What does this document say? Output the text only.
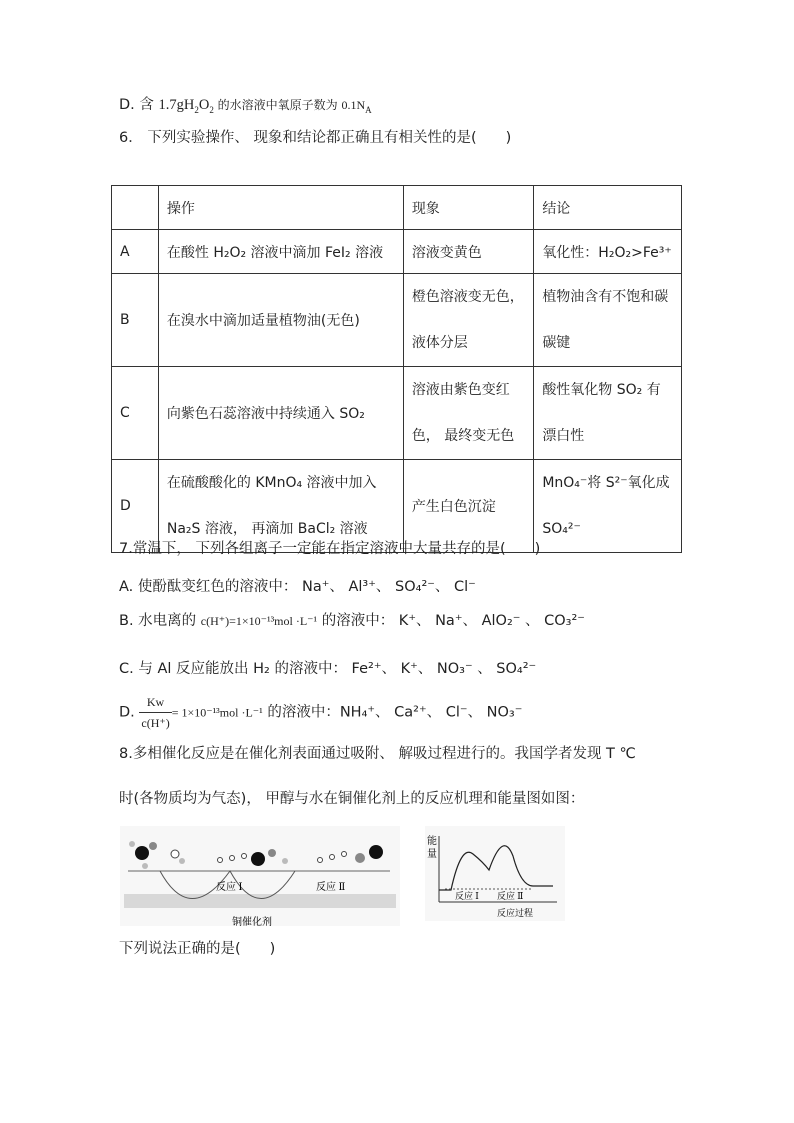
D. 含 $1.7gH_2O_2$ 的水溶液中氧原子数为 $0.1N_A$
6． 下列实验操作、 现象和结论都正确且有相关性的是(　　)
	操作	现象	结论
A	在酸性 H₂O₂ 溶液中滴加 FeI₂ 溶液	溶液变黄色	氧化性：H₂O₂>Fe³⁺
B	在溴水中滴加适量植物油(无色)	橙色溶液变无色， 液体分层	植物油含有不饱和碳碳键
C	向紫色石蕊溶液中持续通入 SO₂	溶液由紫色变红色， 最终变无色	酸性氧化物 SO₂ 有漂白性
D	在硫酸酸化的 KMnO₄ 溶液中加入 Na₂S 溶液， 再滴加 BaCl₂ 溶液	产生白色沉淀	MnO₄⁻将 S²⁻氧化成 SO₄²⁻
7.常温下， 下列各组离子一定能在指定溶液中大量共存的是(　　)
A. 使酚酞变红色的溶液中： Na⁺、 Al³⁺、 SO₄²⁻、 Cl⁻
B. 水电离的 c(H⁺)=1×10⁻¹³mol ·L⁻¹ 的溶液中： K⁺、 Na⁺、 AlO₂⁻ 、 CO₃²⁻
C. 与 Al 反应能放出 H₂ 的溶液中： Fe²⁺、 K⁺、 NO₃⁻ 、 SO₄²⁻
D. $\frac{Kw}{c(H^+)} = 1\times 10^{-13}mol \cdot L^{-1}$ 的溶液中：NH₄⁺、 Ca²⁺、 Cl⁻、 NO₃⁻
8.多相催化反应是在催化剂表面通过吸附、 解吸过程进行的。我国学者发现 T ℃
时(各物质均为气态)， 甲醇与水在铜催化剂上的反应机理和能量图如图：
反应 Ⅰ	反应 Ⅱ
铜催化剂
能
量
反应 Ⅰ 反应 Ⅱ
反应过程
下列说法正确的是(　　)
